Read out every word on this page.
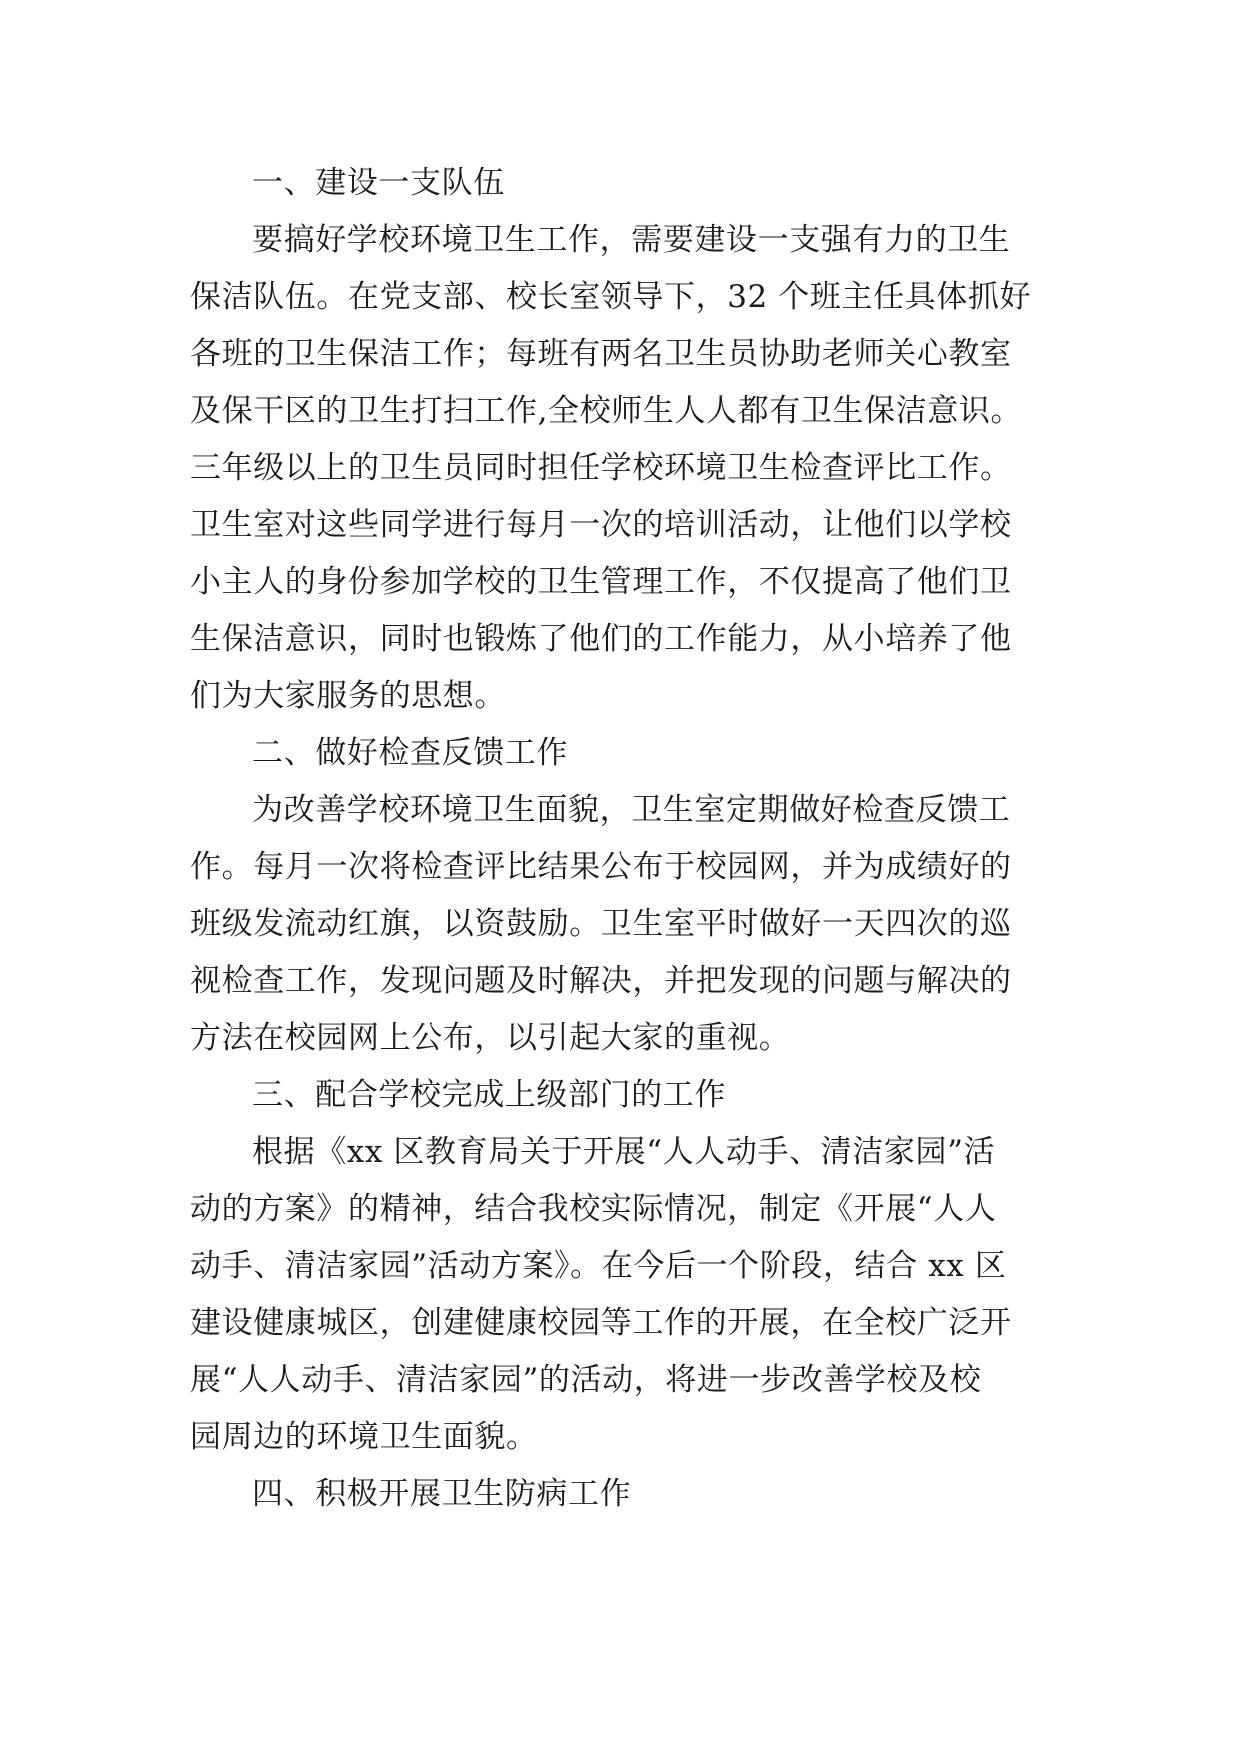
一、建设一支队伍
要搞好学校环境卫生工作，需要建设一支强有力的卫生
保洁队伍。在党支部、校长室领导下，32 个班主任具体抓好
各班的卫生保洁工作；每班有两名卫生员协助老师关心教室
及保干区的卫生打扫工作,全校师生人人都有卫生保洁意识。
三年级以上的卫生员同时担任学校环境卫生检查评比工作。
卫生室对这些同学进行每月一次的培训活动，让他们以学校
小主人的身份参加学校的卫生管理工作，不仅提高了他们卫
生保洁意识，同时也锻炼了他们的工作能力，从小培养了他
们为大家服务的思想。
二、做好检查反馈工作
为改善学校环境卫生面貌，卫生室定期做好检查反馈工
作。每月一次将检查评比结果公布于校园网，并为成绩好的
班级发流动红旗，以资鼓励。卫生室平时做好一天四次的巡
视检查工作，发现问题及时解决，并把发现的问题与解决的
方法在校园网上公布，以引起大家的重视。
三、配合学校完成上级部门的工作
根据《xx 区教育局关于开展“人人动手、清洁家园”活
动的方案》的精神，结合我校实际情况，制定《开展“人人
动手、清洁家园”活动方案》。在今后一个阶段，结合 xx 区
建设健康城区，创建健康校园等工作的开展，在全校广泛开
展“人人动手、清洁家园”的活动，将进一步改善学校及校
园周边的环境卫生面貌。
四、积极开展卫生防病工作
